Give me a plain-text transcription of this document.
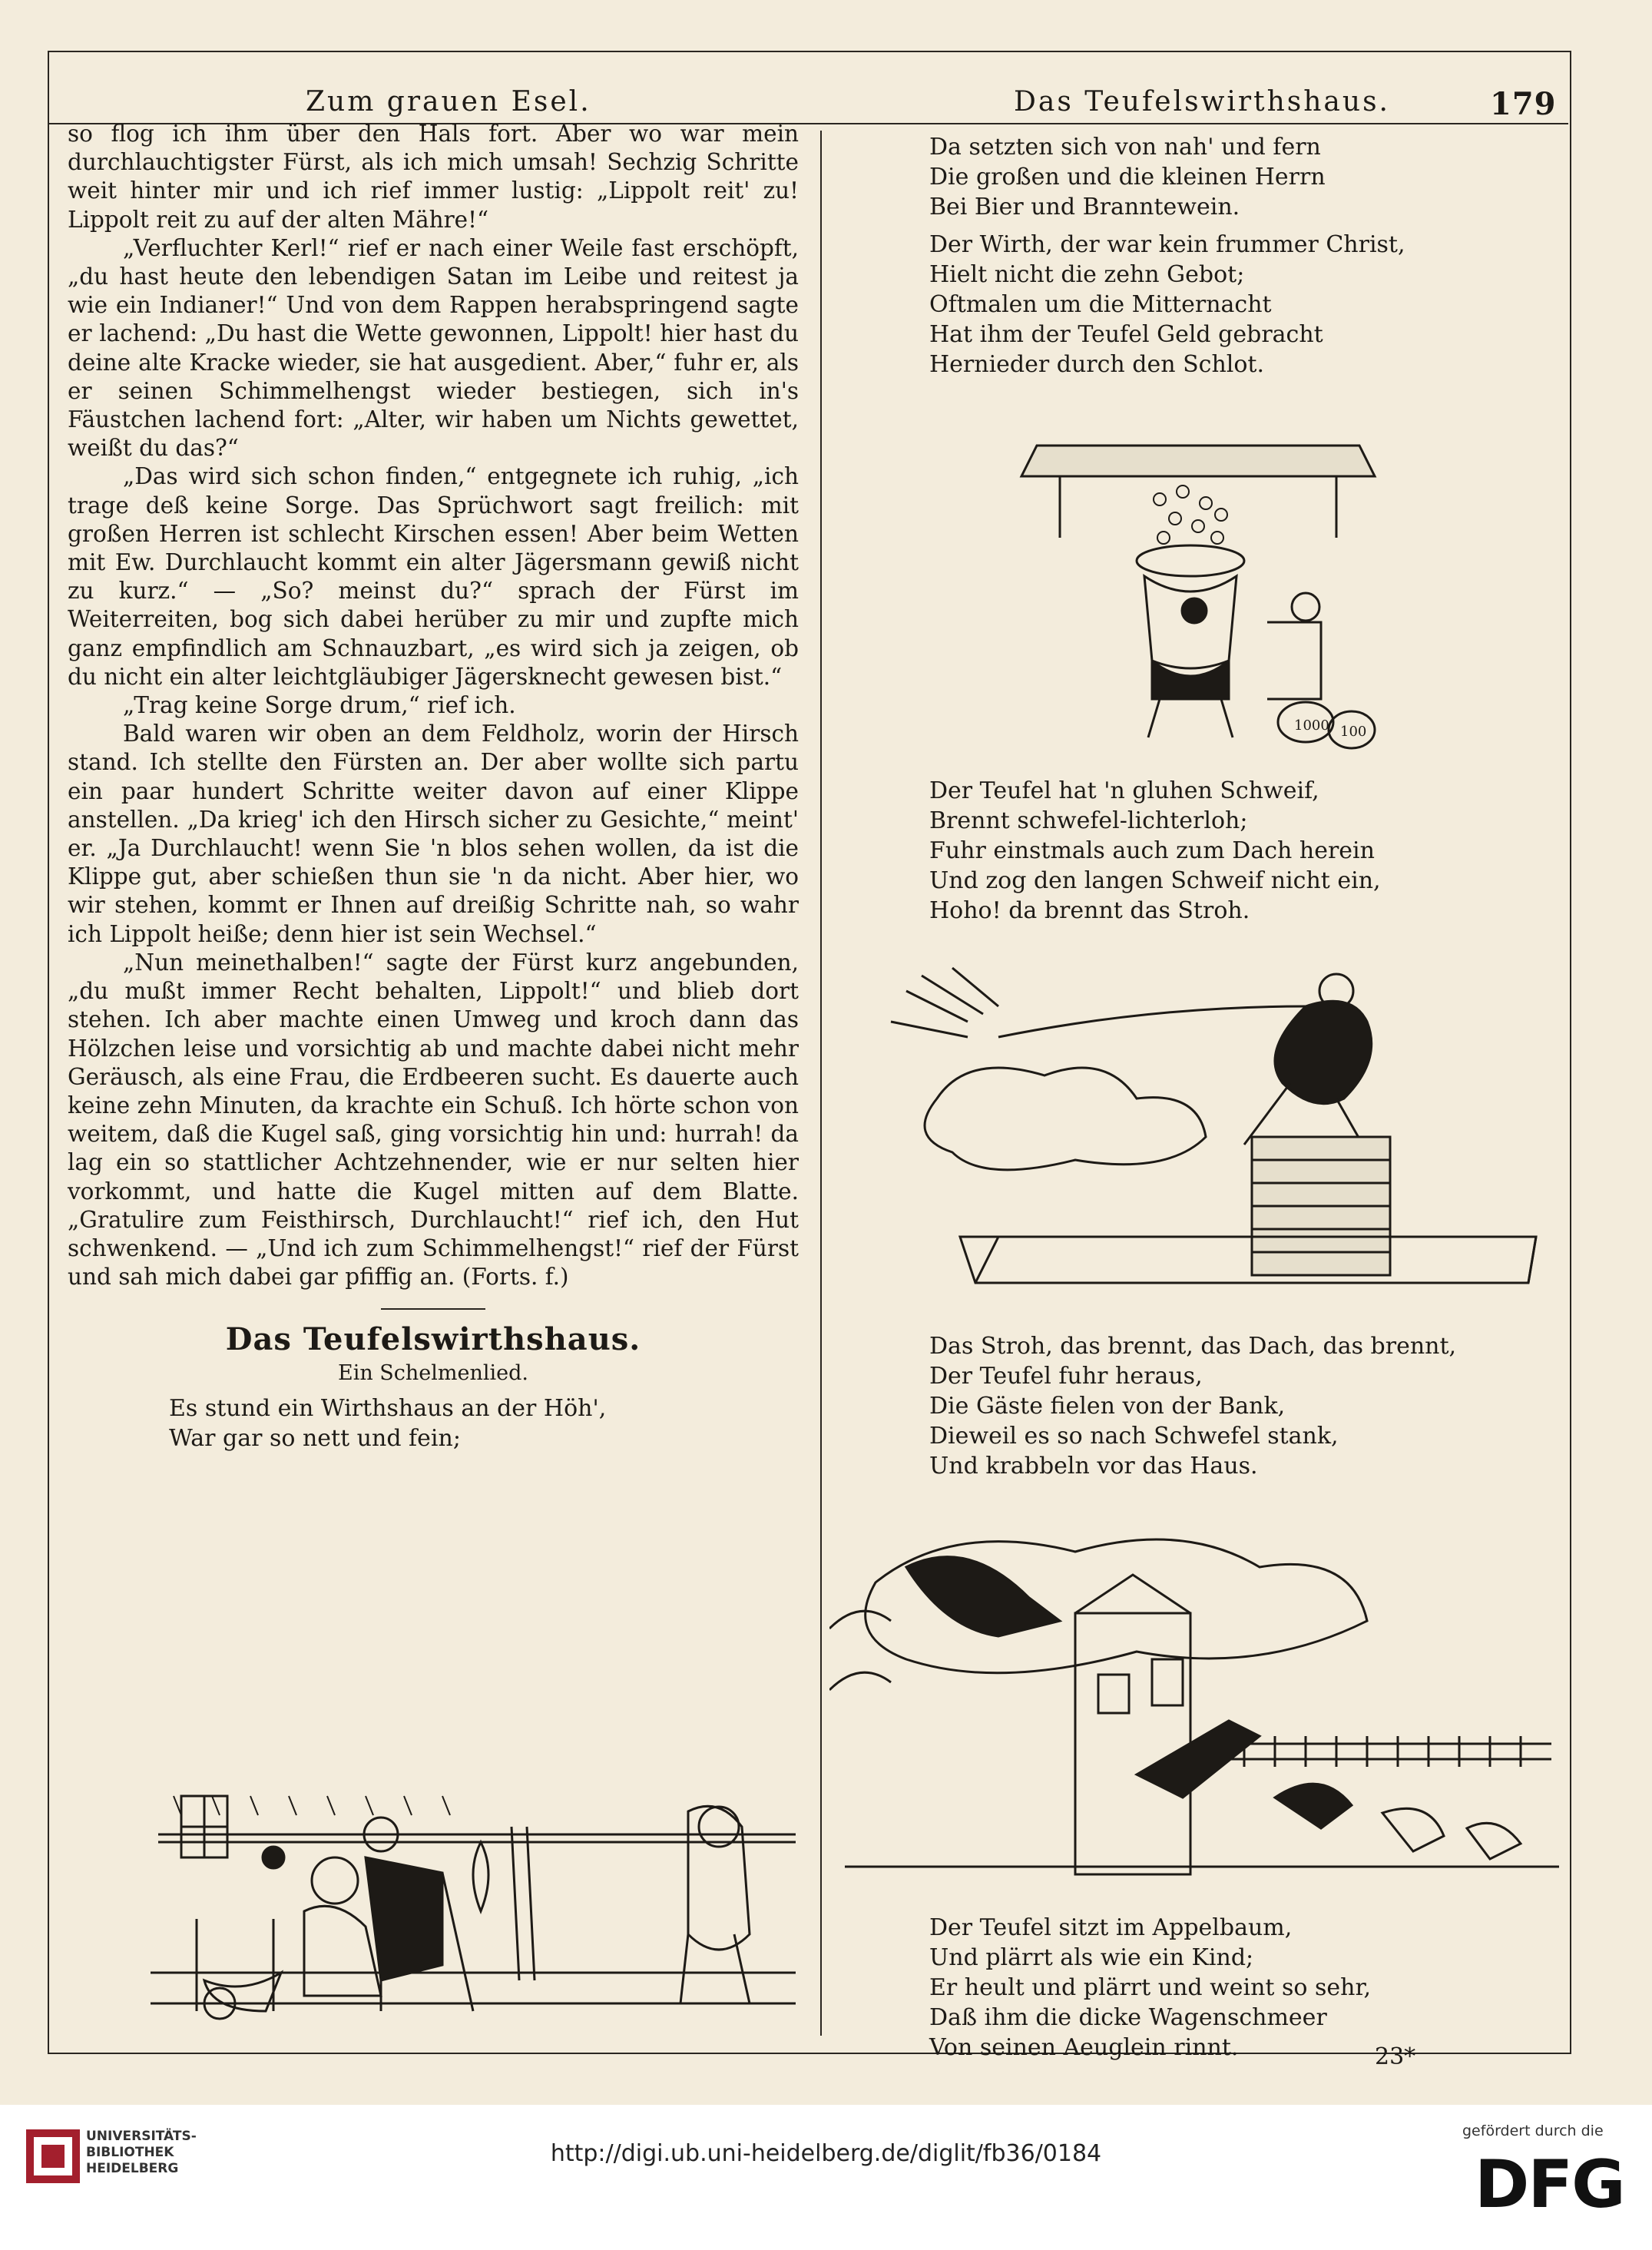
Zum grauen Esel.	Das Teufelswirthshaus.	179

so flog ich ihm über den Hals fort. Aber wo war mein durchlauchtigster Fürst, als ich mich umsah! Sechzig Schritte weit hinter mir und ich rief immer lustig: „Lippolt reit' zu! Lippolt reit zu auf der alten Mähre!“

„Verfluchter Kerl!“ rief er nach einer Weile fast erschöpft, „du hast heute den lebendigen Satan im Leibe und reitest ja wie ein Indianer!“ Und von dem Rappen herabspringend sagte er lachend: „Du hast die Wette gewonnen, Lippolt! hier hast du deine alte Kracke wieder, sie hat ausgedient. Aber,“ fuhr er, als er seinen Schimmelhengst wieder bestiegen, sich in's Fäustchen lachend fort: „Alter, wir haben um Nichts gewettet, weißt du das?“

„Das wird sich schon finden,“ entgegnete ich ruhig, „ich trage deß keine Sorge. Das Sprüchwort sagt freilich: mit großen Herren ist schlecht Kirschen essen! Aber beim Wetten mit Ew. Durchlaucht kommt ein alter Jägersmann gewiß nicht zu kurz.“ — „So? meinst du?“ sprach der Fürst im Weiterreiten, bog sich dabei herüber zu mir und zupfte mich ganz empfindlich am Schnauzbart, „es wird sich ja zeigen, ob du nicht ein alter leichtgläubiger Jägersknecht gewesen bist.“

„Trag keine Sorge drum,“ rief ich.

Bald waren wir oben an dem Feldholz, worin der Hirsch stand. Ich stellte den Fürsten an. Der aber wollte sich partu ein paar hundert Schritte weiter davon auf einer Klippe anstellen. „Da krieg' ich den Hirsch sicher zu Gesichte,“ meint' er. „Ja Durchlaucht! wenn Sie 'n blos sehen wollen, da ist die Klippe gut, aber schießen thun sie 'n da nicht. Aber hier, wo wir stehen, kommt er Ihnen auf dreißig Schritte nah, so wahr ich Lippolt heiße; denn hier ist sein Wechsel.“

„Nun meinethalben!“ sagte der Fürst kurz angebunden, „du mußt immer Recht behalten, Lippolt!“ und blieb dort stehen. Ich aber machte einen Umweg und kroch dann das Hölzchen leise und vorsichtig ab und machte dabei nicht mehr Geräusch, als eine Frau, die Erdbeeren sucht. Es dauerte auch keine zehn Minuten, da krachte ein Schuß. Ich hörte schon von weitem, daß die Kugel saß, ging vorsichtig hin und: hurrah! da lag ein so stattlicher Achtzehnender, wie er nur selten hier vorkommt, und hatte die Kugel mitten auf dem Blatte. „Gratulire zum Feisthirsch, Durchlaucht!“ rief ich, den Hut schwenkend. — „Und ich zum Schimmelhengst!“ rief der Fürst und sah mich dabei gar pfiffig an. (Forts. f.)

Das Teufelswirthshaus.
Ein Schelmenlied.

Es stund ein Wirthshaus an der Höh',
War gar so nett und fein;

Da setzten sich von nah' und fern
Die großen und die kleinen Herrn
Bei Bier und Branntewein.

Der Wirth, der war kein frummer Christ,
Hielt nicht die zehn Gebot;
Oftmalen um die Mitternacht
Hat ihm der Teufel Geld gebracht
Hernieder durch den Schlot.

1000 100

Der Teufel hat 'n gluhen Schweif,
Brennt schwefel-lichterloh;
Fuhr einstmals auch zum Dach herein
Und zog den langen Schweif nicht ein,
Hoho! da brennt das Stroh.

Das Stroh, das brennt, das Dach, das brennt,
Der Teufel fuhr heraus,
Die Gäste fielen von der Bank,
Dieweil es so nach Schwefel stank,
Und krabbeln vor das Haus.

Der Teufel sitzt im Appelbaum,
Und plärrt als wie ein Kind;
Er heult und plärrt und weint so sehr,
Daß ihm die dicke Wagenschmeer
Von seinen Aeuglein rinnt.	23*
UNIVERSITÄTS-
BIBLIOTHEK
HEIDELBERG
http://digi.ub.uni-heidelberg.de/diglit/fb36/0184
gefördert durch die
DFG
